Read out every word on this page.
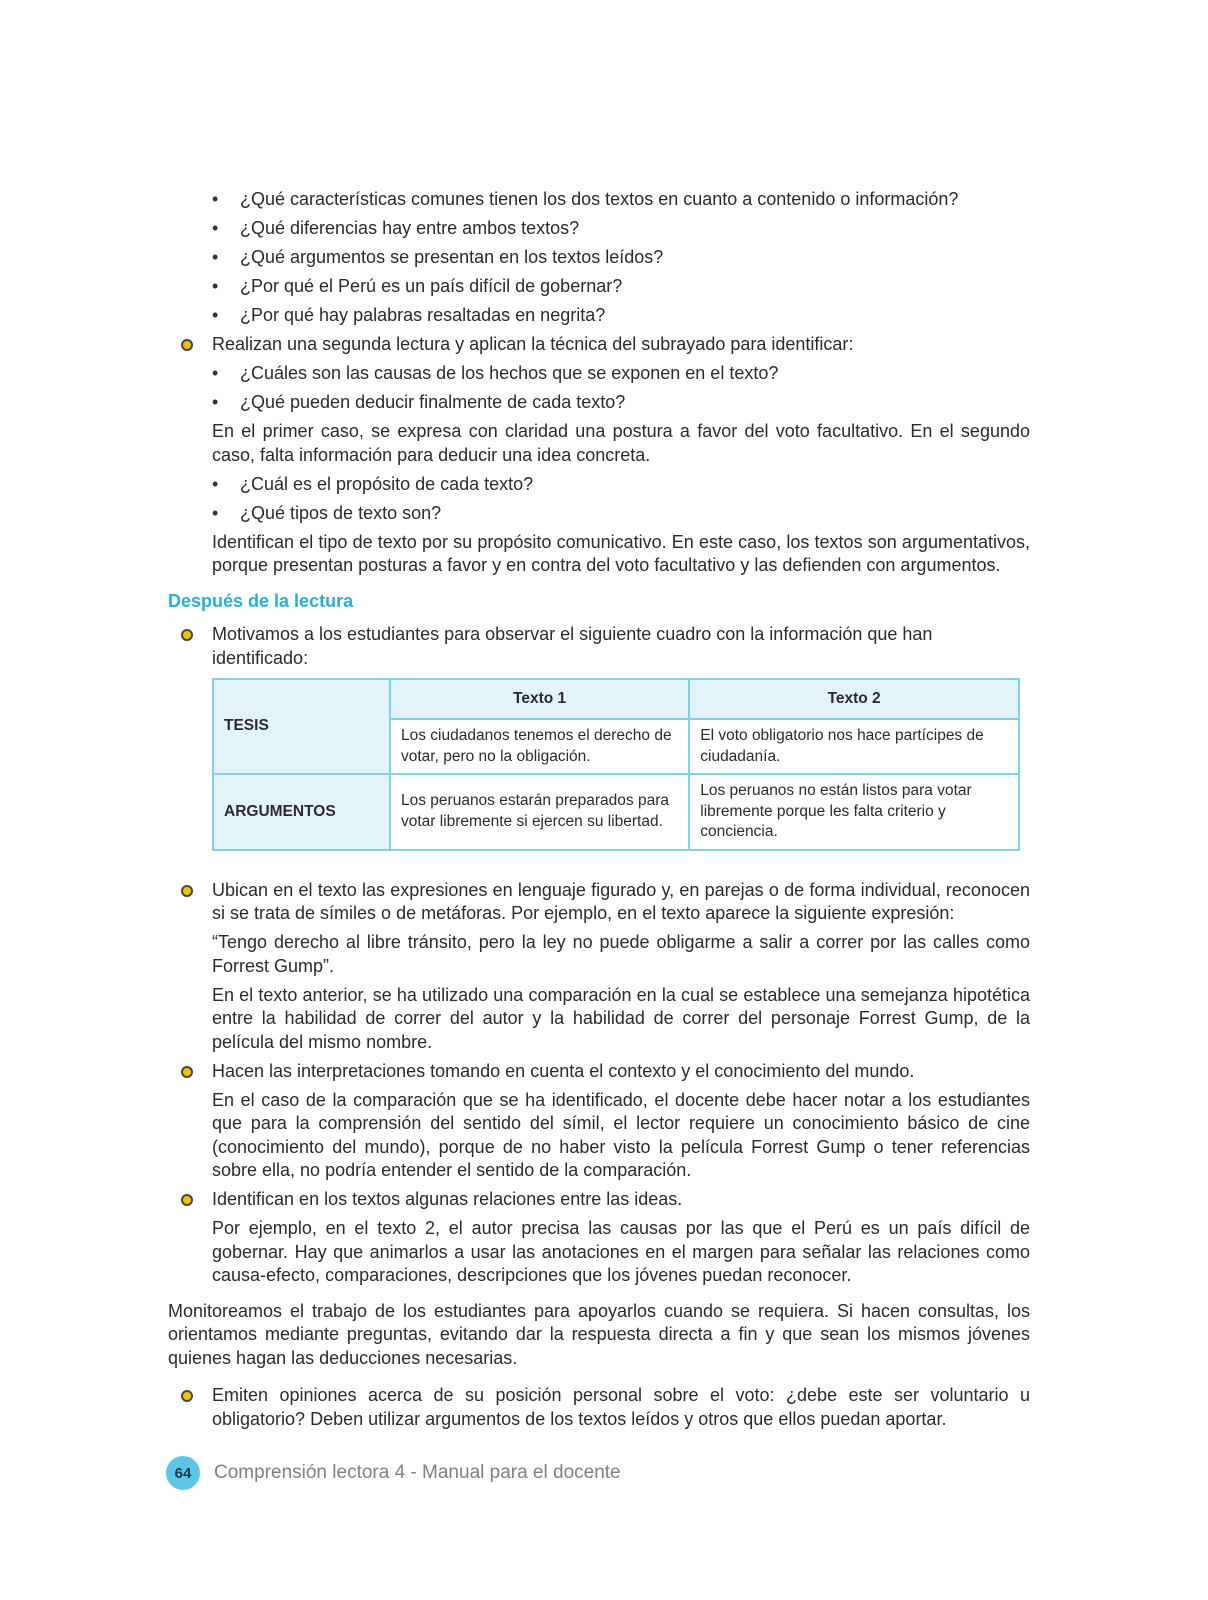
• ¿Qué características comunes tienen los dos textos en cuanto a contenido o información?
• ¿Qué diferencias hay entre ambos textos?
• ¿Qué argumentos se presentan en los textos leídos?
• ¿Por qué el Perú es un país difícil de gobernar?
• ¿Por qué hay palabras resaltadas en negrita?
Realizan una segunda lectura y aplican la técnica del subrayado para identificar:
• ¿Cuáles son las causas de los hechos que se exponen en el texto?
• ¿Qué pueden deducir finalmente de cada texto?
En el primer caso, se expresa con claridad una postura a favor del voto facultativo. En el segundo caso, falta información para deducir una idea concreta.
• ¿Cuál es el propósito de cada texto?
• ¿Qué tipos de texto son?
Identifican el tipo de texto por su propósito comunicativo. En este caso, los textos son argumentativos, porque presentan posturas a favor y en contra del voto facultativo y las defienden con argumentos.
Después de la lectura
Motivamos a los estudiantes para observar el siguiente cuadro con la información que han identificado:
TESIS	Texto 1	Texto 2
	Los ciudadanos tenemos el derecho de votar, pero no la obligación.	El voto obligatorio nos hace partícipes de ciudadanía.
ARGUMENTOS	Los peruanos estarán preparados para votar libremente si ejercen su libertad.	Los peruanos no están listos para votar libremente porque les falta criterio y conciencia.
Ubican en el texto las expresiones en lenguaje figurado y, en parejas o de forma individual, reconocen si se trata de símiles o de metáforas. Por ejemplo, en el texto aparece la siguiente expresión:
“Tengo derecho al libre tránsito, pero la ley no puede obligarme a salir a correr por las calles como Forrest Gump”.
En el texto anterior, se ha utilizado una comparación en la cual se establece una semejanza hipotética entre la habilidad de correr del autor y la habilidad de correr del personaje Forrest Gump, de la película del mismo nombre.
Hacen las interpretaciones tomando en cuenta el contexto y el conocimiento del mundo.
En el caso de la comparación que se ha identificado, el docente debe hacer notar a los estudiantes que para la comprensión del sentido del símil, el lector requiere un conocimiento básico de cine (conocimiento del mundo), porque de no haber visto la película Forrest Gump o tener referencias sobre ella, no podría entender el sentido de la comparación.
Identifican en los textos algunas relaciones entre las ideas.
Por ejemplo, en el texto 2, el autor precisa las causas por las que el Perú es un país difícil de gobernar. Hay que animarlos a usar las anotaciones en el margen para señalar las relaciones como causa-efecto, comparaciones, descripciones que los jóvenes puedan reconocer.
Monitoreamos el trabajo de los estudiantes para apoyarlos cuando se requiera. Si hacen consultas, los orientamos mediante preguntas, evitando dar la respuesta directa a fin y que sean los mismos jóvenes quienes hagan las deducciones necesarias.
Emiten opiniones acerca de su posición personal sobre el voto: ¿debe este ser voluntario u obligatorio? Deben utilizar argumentos de los textos leídos y otros que ellos puedan aportar.
64	Comprensión lectora 4 - Manual para el docente
